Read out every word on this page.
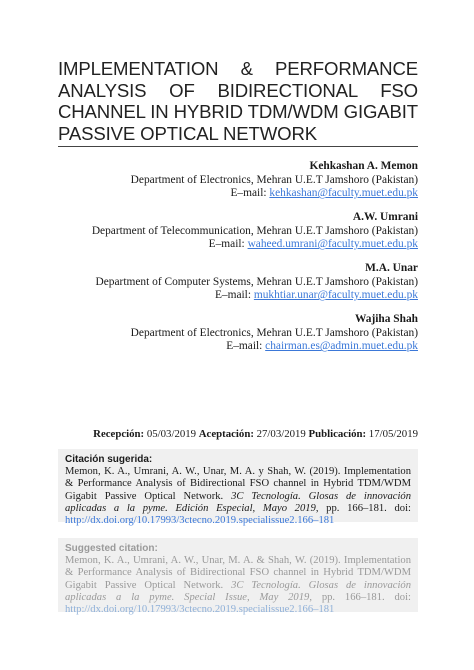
IMPLEMENTATION & PERFORMANCE
ANALYSIS OF BIDIRECTIONAL FSO
CHANNEL IN HYBRID TDM/WDM GIGABIT
PASSIVE OPTICAL NETWORK
Kehkashan A. Memon
Department of Electronics, Mehran U.E.T Jamshoro (Pakistan)
E–mail: kehkashan@faculty.muet.edu.pk
A.W. Umrani
Department of Telecommunication, Mehran U.E.T Jamshoro (Pakistan)
E–mail: waheed.umrani@faculty.muet.edu.pk
M.A. Unar
Department of Computer Systems, Mehran U.E.T Jamshoro (Pakistan)
E–mail: mukhtiar.unar@faculty.muet.edu.pk
Wajiha Shah
Department of Electronics, Mehran U.E.T Jamshoro (Pakistan)
E–mail: chairman.es@admin.muet.edu.pk
Recepción: 05/03/2019 Aceptación: 27/03/2019 Publicación: 17/05/2019
Citación sugerida:
Memon, K. A., Umrani, A. W., Unar, M. A. y Shah, W. (2019). Implementation & Performance Analysis of Bidirectional FSO channel in Hybrid TDM/WDM Gigabit Passive Optical Network. 3C Tecnología. Glosas de innovación aplicadas a la pyme. Edición Especial, Mayo 2019, pp. 166–181. doi: http://dx.doi.org/10.17993/3ctecno.2019.specialissue2.166–181
Suggested citation:
Memon, K. A., Umrani, A. W., Unar, M. A. & Shah, W. (2019). Implementation & Performance Analysis of Bidirectional FSO channel in Hybrid TDM/WDM Gigabit Passive Optical Network. 3C Tecnología. Glosas de innovación aplicadas a la pyme. Special Issue, May 2019, pp. 166–181. doi: http://dx.doi.org/10.17993/3ctecno.2019.specialissue2.166–181
